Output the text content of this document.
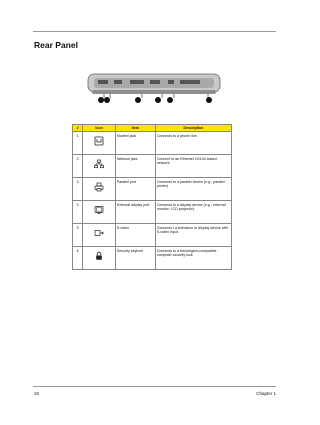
Rear Panel
#	Icon	Item	Description
1		Modem jack	Connects to a phone line.
2		Network jack	Connect to an Ethernet 10/100-based network.
3		Parallel port	Connects to a parallel device (e.g., parallel printer).
4		External display port	Connects to a display device (e.g., external monitor, LCD projector).
5		S-video	Connects t a television or display device with S-video input.
6		Security keylock	Connects to a Kensington-compatible computer security lock.
10	Chapter 1
